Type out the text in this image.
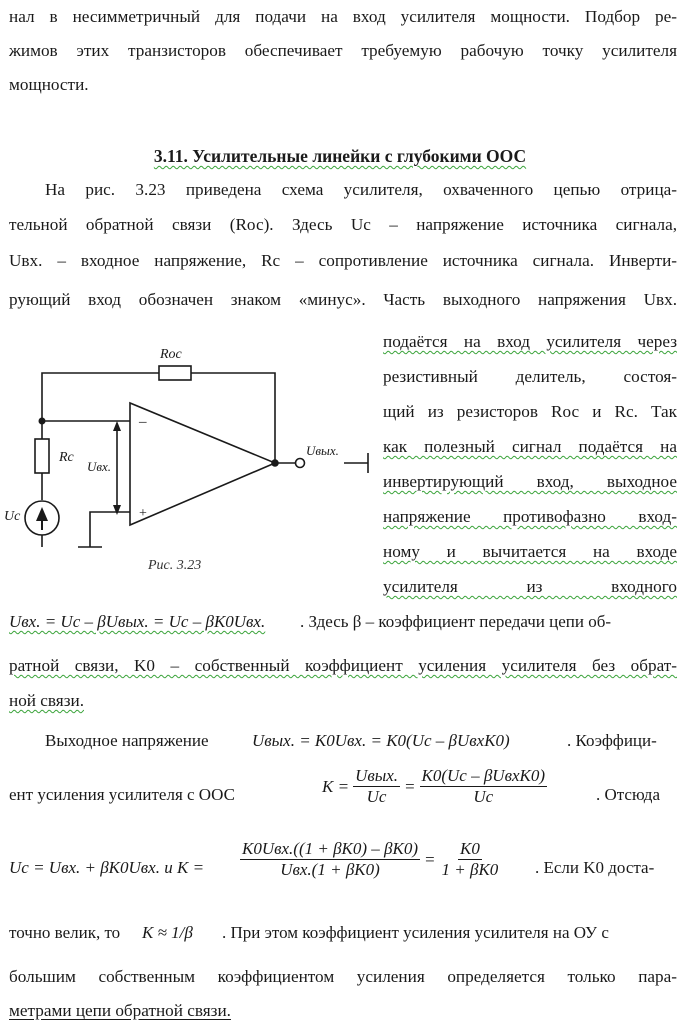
нал в несимметричный для подачи на вход усилителя мощности. Подбор ре-
жимов этих транзисторов обеспечивает требуемую рабочую точку усилителя
мощности.
3.11. Усилительные линейки с глубокими ООС
На рис. 3.23 приведена схема усилителя, охваченного цепью отрица-
тельной обратной связи (Rос). Здесь Uс – напряжение источника сигнала,
Uвх. – входное напряжение, Rс – сопротивление источника сигнала. Инверти-
рующий вход обозначен знаком «минус». Часть выходного напряжения Uвх.
подаётся на вход усилителя через
резистивный делитель, состоя-
щий из резисторов Rос и Rс. Так
как полезный сигнал подаётся на
инвертирующий вход, выходное
напряжение противофазно вход-
ному и вычитается на входе
усилителя из входного
Rос
Rс
Uвх.
Uс
Uвых.
–
+
Рис. 3.23
Uвх. = Uс – βUвых. = Uс – βK0Uвх. . Здесь β – коэффициент передачи цепи об-
ратной связи, K0 – собственный коэффициент усиления усилителя без обрат-
ной связи.
Выходное напряжение	Uвых. = K0Uвх. = K0(Uс – βUвхK0)	. Коэффици-
ент усиления усилителя с ООС	$K = \frac{\text{Uвых.}}{Uс} = \frac{\text{K0(Uс – βUвхK0)}}{Uс}$	. Отсюда
Uс = Uвх. + βK0Uвх. и $K = \frac{\text{K0Uвх.((1 + βK0) – βK0)}}{\text{Uвх.(1 + βK0)}} = \frac{K0}{1 + \beta K0}$ . Если K0 доста-
точно велик, то K ≈ 1/β . При этом коэффициент усиления усилителя на ОУ с
большим собственным коэффициентом усиления определяется только пара-
метрами цепи обратной связи.
